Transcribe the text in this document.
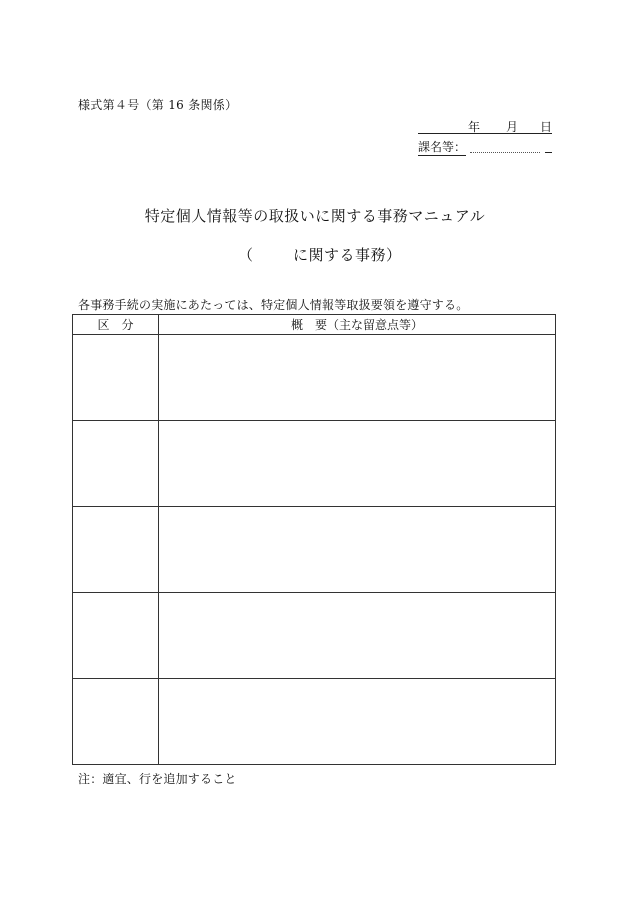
様式第４号（第 16 条関係）
年 月 日
課名等：
特定個人情報等の取扱いに関する事務マニュアル
（	に関する事務）
各事務手続の実施にあたっては、特定個人情報等取扱要領を遵守する。
区　分	概　要（主な留意点等）

注：適宜、行を追加すること
